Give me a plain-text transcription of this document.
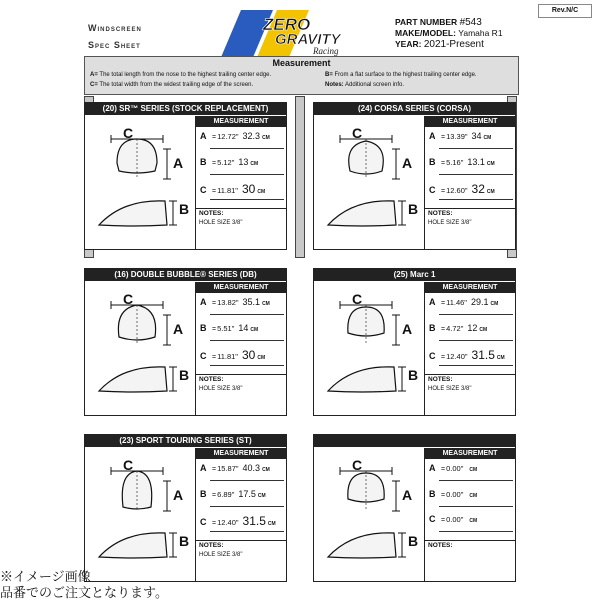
Windscreen
Spec Sheet
ZERO
GRAVITY
Racing
Rev.N/C
PART NUMBER #543
MAKE/MODEL: Yamaha R1
YEAR: 2021-Present
Measurement
A= The total length from the nose to the highest trailing center edge.
C= The total width from the widest trailing edge of the screen.
B= From a flat surface to the highest trailing center edge.
Notes: Additional screen info.
(20) SR™ SERIES (STOCK REPLACEMENT)
C
A
B
MEASUREMENT
A = 12.72" 32.3 CM
B = 5.12" 13 CM
C = 11.81" 30 CM
NOTES:
HOLE SIZE 3/8"
(24) CORSA SERIES (CORSA)
C
A
B
MEASUREMENT
A = 13.39" 34 CM
B = 5.16" 13.1 CM
C = 12.60" 32 CM
NOTES:
HOLE SIZE 3/8"
(16) DOUBLE BUBBLE® SERIES (DB)
C
A
B
MEASUREMENT
A = 13.82" 35.1 CM
B = 5.51" 14 CM
C = 11.81" 30 CM
NOTES:
HOLE SIZE 3/8"
(25) Marc 1
C
A
B
MEASUREMENT
A = 11.46" 29.1 CM
B = 4.72" 12 CM
C = 12.40" 31.5 CM
NOTES:
HOLE SIZE 3/8"
(23) SPORT TOURING SERIES (ST)
C
A
B
MEASUREMENT
A = 15.87" 40.3 CM
B = 6.89" 17.5 CM
C = 12.40" 31.5 CM
NOTES:
HOLE SIZE 3/8"
C
A
B
MEASUREMENT
A = 0.00" CM
B = 0.00" CM
C = 0.00" CM
NOTES:
※イメージ画像
品番でのご注文となります。
